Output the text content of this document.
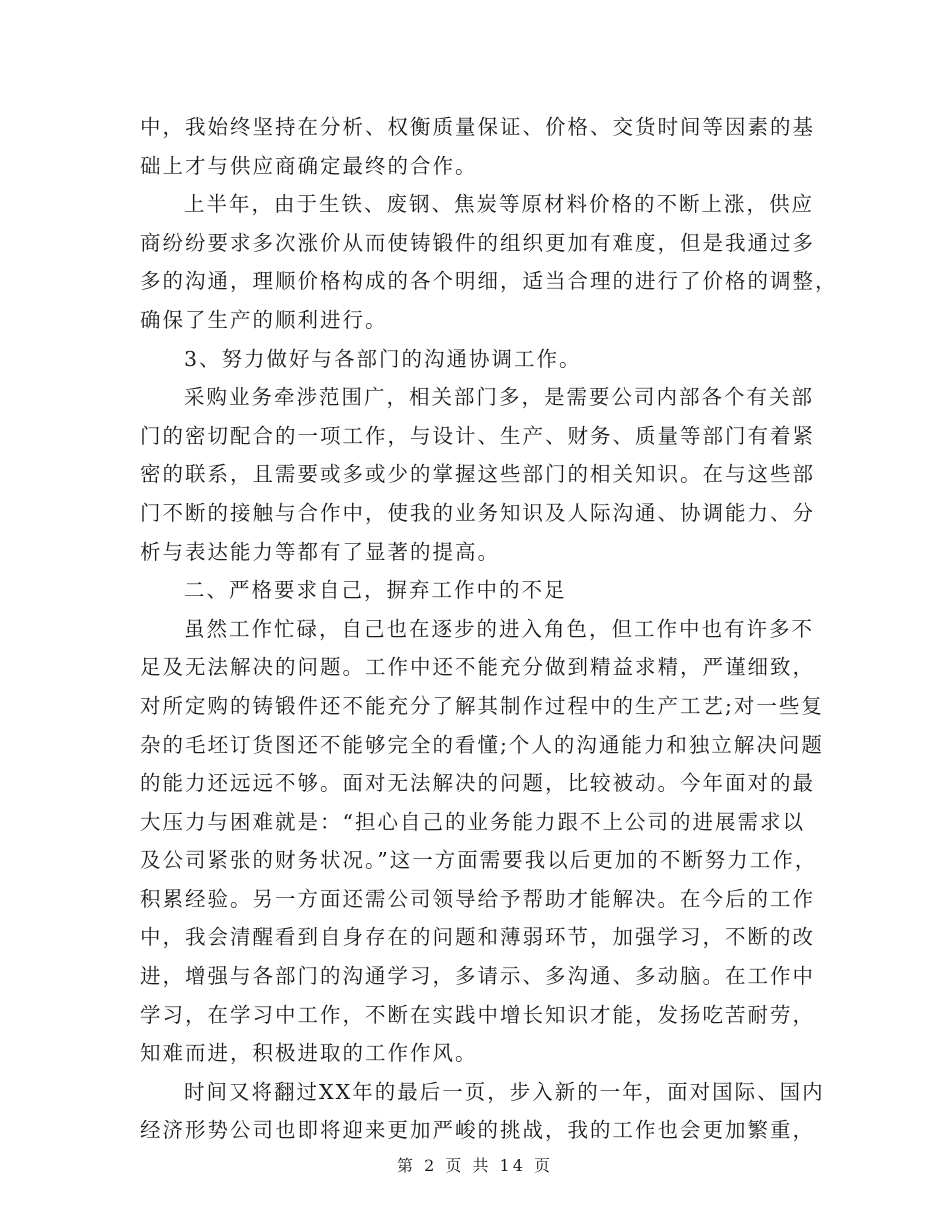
中，我始终坚持在分析、权衡质量保证、价格、交货时间等因素的基
础上才与供应商确定最终的合作。
上半年，由于生铁、废钢、焦炭等原材料价格的不断上涨，供应
商纷纷要求多次涨价从而使铸锻件的组织更加有难度，但是我通过多
多的沟通，理顺价格构成的各个明细，适当合理的进行了价格的调整，
确保了生产的顺利进行。
3、努力做好与各部门的沟通协调工作。
采购业务牵涉范围广，相关部门多，是需要公司内部各个有关部
门的密切配合的一项工作，与设计、生产、财务、质量等部门有着紧
密的联系，且需要或多或少的掌握这些部门的相关知识。在与这些部
门不断的接触与合作中，使我的业务知识及人际沟通、协调能力、分
析与表达能力等都有了显著的提高。
二、严格要求自己，摒弃工作中的不足
虽然工作忙碌，自己也在逐步的进入角色，但工作中也有许多不
足及无法解决的问题。工作中还不能充分做到精益求精，严谨细致，
对所定购的铸锻件还不能充分了解其制作过程中的生产工艺;对一些复
杂的毛坯订货图还不能够完全的看懂;个人的沟通能力和独立解决问题
的能力还远远不够。面对无法解决的问题，比较被动。今年面对的最
大压力与困难就是：“担心自己的业务能力跟不上公司的进展需求以
及公司紧张的财务状况。”这一方面需要我以后更加的不断努力工作，
积累经验。另一方面还需公司领导给予帮助才能解决。在今后的工作
中，我会清醒看到自身存在的问题和薄弱环节，加强学习，不断的改
进，增强与各部门的沟通学习，多请示、多沟通、多动脑。在工作中
学习，在学习中工作，不断在实践中增长知识才能，发扬吃苦耐劳，
知难而进，积极进取的工作作风。
时间又将翻过XX年的最后一页，步入新的一年，面对国际、国内
经济形势公司也即将迎来更加严峻的挑战，我的工作也会更加繁重，
第 2 页 共 14 页
